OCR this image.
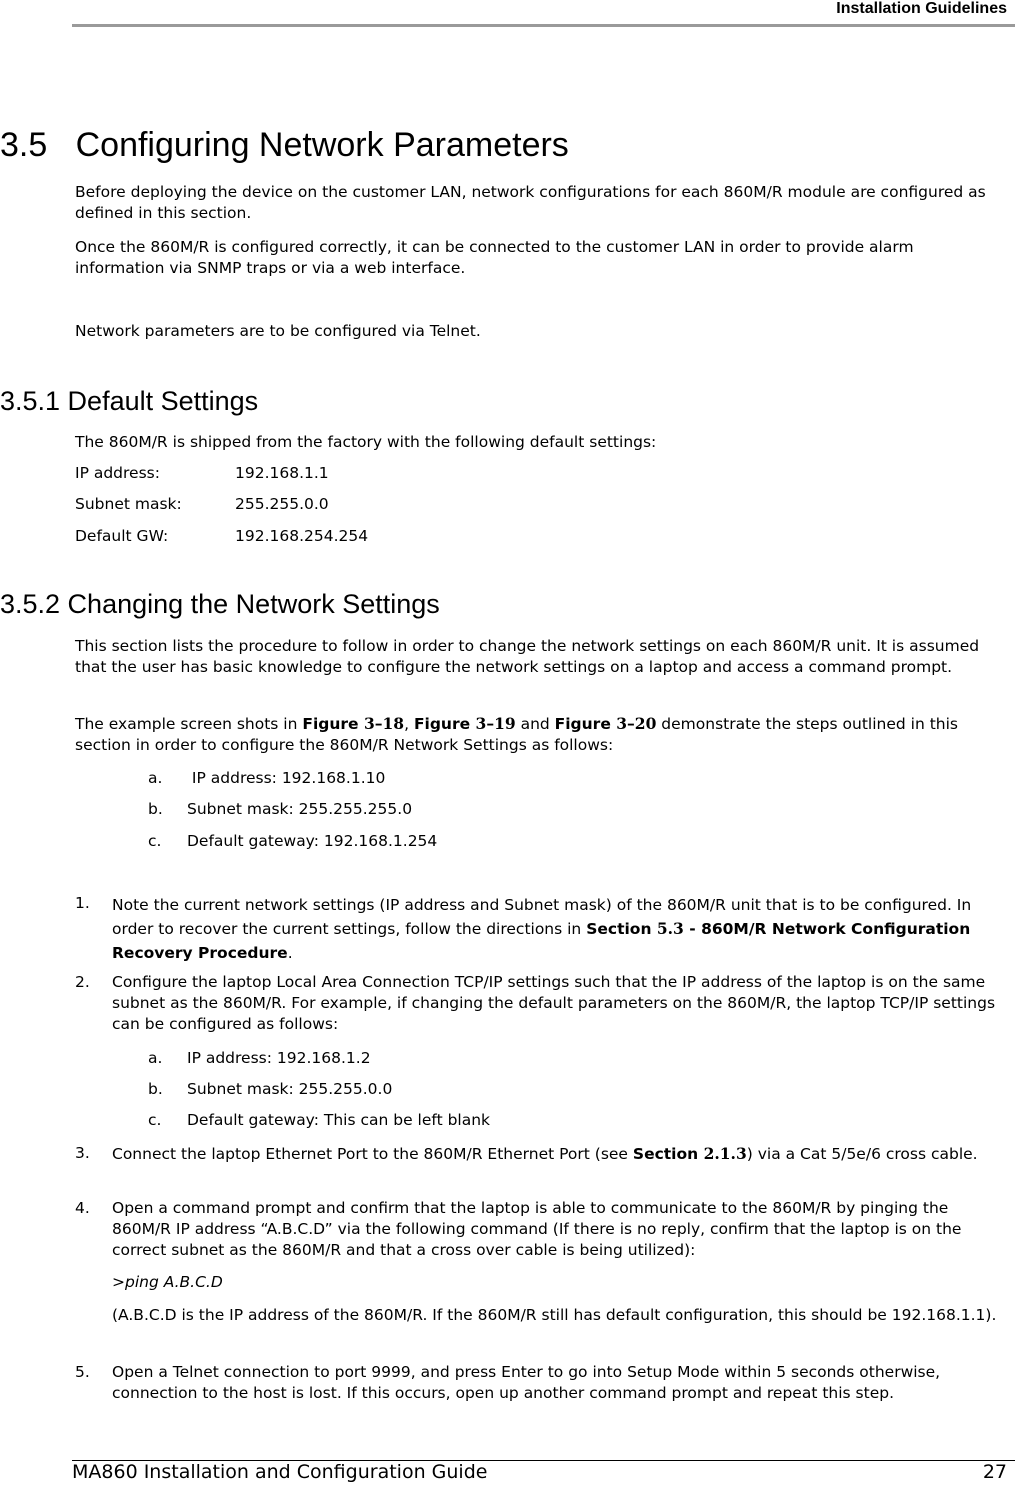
Installation Guidelines
3.5   Configuring Network Parameters
Before deploying the device on the customer LAN, network configurations for each 860M/R module are configured as defined in this section.
Once the 860M/R is configured correctly, it can be connected to the customer LAN in order to provide alarm information via SNMP traps or via a web interface.
Network parameters are to be configured via Telnet.
3.5.1 Default Settings
The 860M/R is shipped from the factory with the following default settings:
IP address:	192.168.1.1
Subnet mask:	255.255.0.0
Default GW:	192.168.254.254
3.5.2 Changing the Network Settings
This section lists the procedure to follow in order to change the network settings on each 860M/R unit. It is assumed that the user has basic knowledge to configure the network settings on a laptop and access a command prompt.
The example screen shots in Figure 3–18, Figure 3–19 and Figure 3–20 demonstrate the steps outlined in this section in order to configure the 860M/R Network Settings as follows:
a. IP address: 192.168.1.10
b. Subnet mask: 255.255.255.0
c. Default gateway: 192.168.1.254
1. Note the current network settings (IP address and Subnet mask) of the 860M/R unit that is to be configured. In order to recover the current settings, follow the directions in Section 5.3 - 860M/R Network Configuration Recovery Procedure.
2. Configure the laptop Local Area Connection TCP/IP settings such that the IP address of the laptop is on the same subnet as the 860M/R. For example, if changing the default parameters on the 860M/R, the laptop TCP/IP settings can be configured as follows:
a. IP address: 192.168.1.2
b. Subnet mask: 255.255.0.0
c. Default gateway: This can be left blank
3. Connect the laptop Ethernet Port to the 860M/R Ethernet Port (see Section 2.1.3) via a Cat 5/5e/6 cross cable.
4. Open a command prompt and confirm that the laptop is able to communicate to the 860M/R by pinging the 860M/R IP address “A.B.C.D” via the following command (If there is no reply, confirm that the laptop is on the correct subnet as the 860M/R and that a cross over cable is being utilized):
>ping A.B.C.D
(A.B.C.D is the IP address of the 860M/R. If the 860M/R still has default configuration, this should be 192.168.1.1).
5. Open a Telnet connection to port 9999, and press Enter to go into Setup Mode within 5 seconds otherwise, connection to the host is lost. If this occurs, open up another command prompt and repeat this step.
MA860 Installation and Configuration Guide	27
